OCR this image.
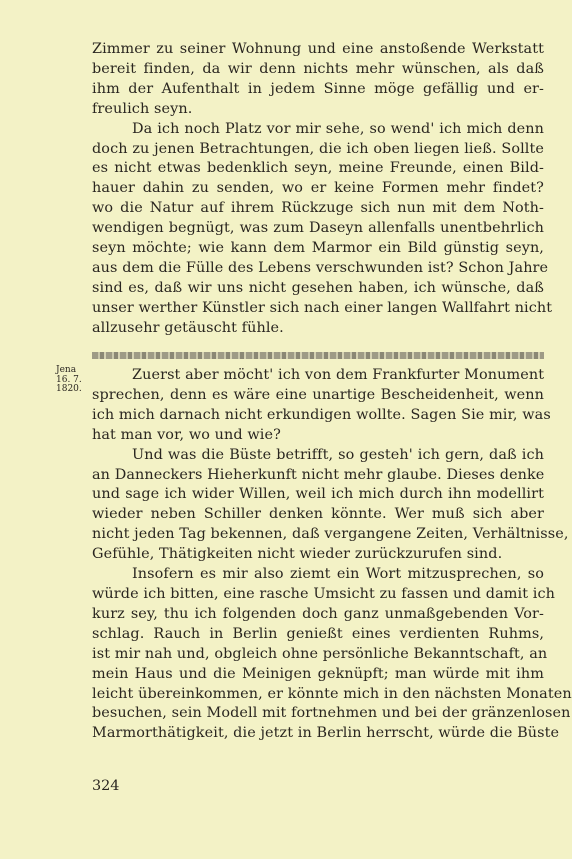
Zimmer zu seiner Wohnung und eine anstoßende Werkstatt
bereit finden, da wir denn nichts mehr wünschen, als daß
ihm der Aufenthalt in jedem Sinne möge gefällig und er-
freulich seyn.
Da ich noch Platz vor mir sehe, so wend' ich mich denn
doch zu jenen Betrachtungen, die ich oben liegen ließ. Sollte
es nicht etwas bedenklich seyn, meine Freunde, einen Bild-
hauer dahin zu senden, wo er keine Formen mehr findet?
wo die Natur auf ihrem Rückzuge sich nun mit dem Noth-
wendigen begnügt, was zum Daseyn allenfalls unentbehrlich
seyn möchte; wie kann dem Marmor ein Bild günstig seyn,
aus dem die Fülle des Lebens verschwunden ist? Schon Jahre
sind es, daß wir uns nicht gesehen haben, ich wünsche, daß
unser werther Künstler sich nach einer langen Wallfahrt nicht
allzusehr getäuscht fühle.
Jena
16. 7.
1820.
Zuerst aber möcht' ich von dem Frankfurter Monument
sprechen, denn es wäre eine unartige Bescheidenheit, wenn
ich mich darnach nicht erkundigen wollte. Sagen Sie mir, was
hat man vor, wo und wie?
Und was die Büste betrifft, so gesteh' ich gern, daß ich
an Danneckers Hieherkunft nicht mehr glaube. Dieses denke
und sage ich wider Willen, weil ich mich durch ihn modellirt
wieder neben Schiller denken könnte. Wer muß sich aber
nicht jeden Tag bekennen, daß vergangene Zeiten, Verhältnisse,
Gefühle, Thätigkeiten nicht wieder zurückzurufen sind.
Insofern es mir also ziemt ein Wort mitzusprechen, so
würde ich bitten, eine rasche Umsicht zu fassen und damit ich
kurz sey, thu ich folgenden doch ganz unmaßgebenden Vor-
schlag. Rauch in Berlin genießt eines verdienten Ruhms,
ist mir nah und, obgleich ohne persönliche Bekanntschaft, an
mein Haus und die Meinigen geknüpft; man würde mit ihm
leicht übereinkommen, er könnte mich in den nächsten Monaten
besuchen, sein Modell mit fortnehmen und bei der gränzenlosen
Marmorthätigkeit, die jetzt in Berlin herrscht, würde die Büste
324
